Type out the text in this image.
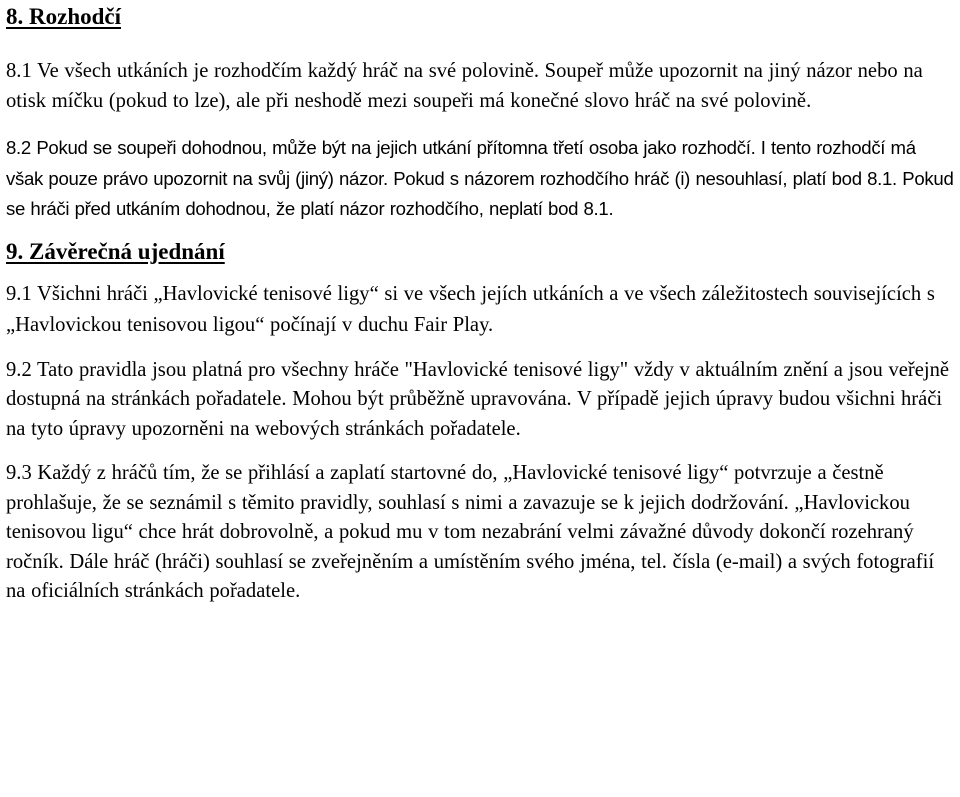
8. Rozhodčí

8.1 Ve všech utkáních je rozhodčím každý hráč na své polovině. Soupeř může upozornit na jiný názor nebo na otisk míčku (pokud to lze), ale při neshodě mezi soupeři má konečné slovo hráč na své polovině.

8.2 Pokud se soupeři dohodnou, může být na jejich utkání přítomna třetí osoba jako rozhodčí. I tento rozhodčí má však pouze právo upozornit na svůj (jiný) názor. Pokud s názorem rozhodčího hráč (i) nesouhlasí, platí bod 8.1. Pokud se hráči před utkáním dohodnou, že platí názor rozhodčího, neplatí bod 8.1.

9. Závěrečná ujednání

9.1 Všichni hráči „Havlovické tenisové ligy“ si ve všech jejích utkáních a ve všech záležitostech souvisejících s „Havlovickou tenisovou ligou“ počínají v duchu Fair Play.

9.2 Tato pravidla jsou platná pro všechny hráče "Havlovické tenisové ligy" vždy v aktuálním znění a jsou veřejně dostupná na stránkách pořadatele. Mohou být průběžně upravována. V případě jejich úpravy budou všichni hráči na tyto úpravy upozorněni na webových stránkách pořadatele.

9.3 Každý z hráčů tím, že se přihlásí a zaplatí startovné do, „Havlovické tenisové ligy“ potvrzuje a čestně prohlašuje, že se seznámil s těmito pravidly, souhlasí s nimi a zavazuje se k jejich dodržování. „Havlovickou tenisovou ligu“ chce hrát dobrovolně, a pokud mu v tom nezabrání velmi závažné důvody dokončí rozehraný ročník. Dále hráč (hráči) souhlasí se zveřejněním a umístěním svého jména, tel. čísla (e-mail) a svých fotografií na oficiálních stránkách pořadatele.
